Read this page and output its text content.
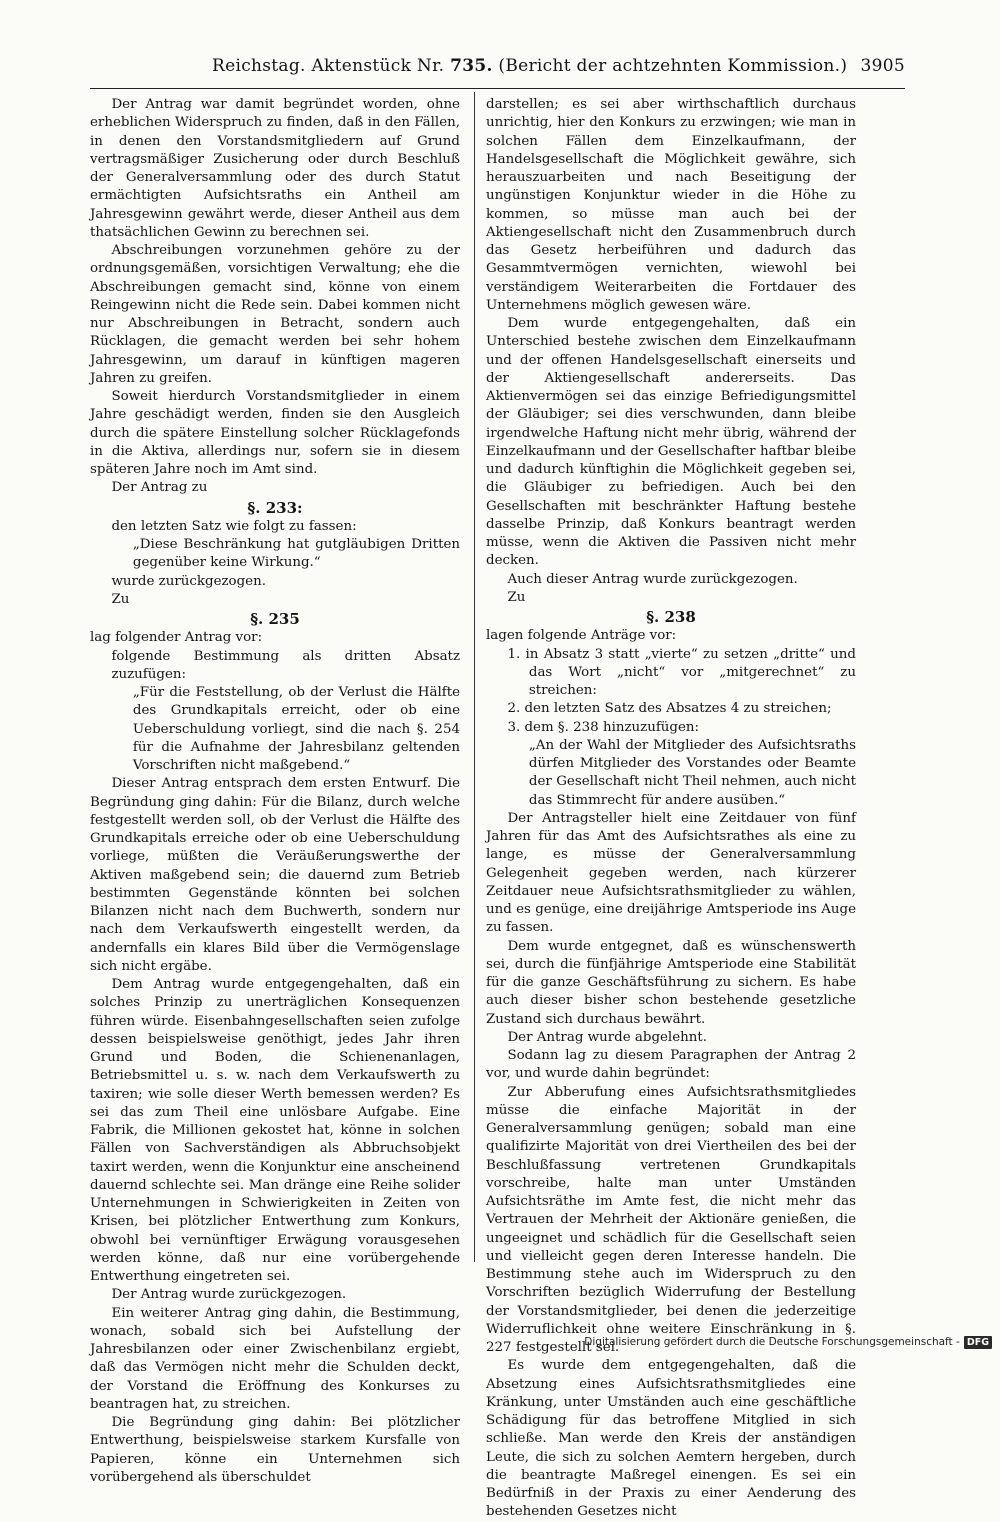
Reichstag. Aktenstück Nr. 735. (Bericht der achtzehnten Kommission.) 3905

Der Antrag war damit begründet worden, ohne erheblichen Widerspruch zu finden, daß in den Fällen, in denen den Vorstandsmitgliedern auf Grund vertragsmäßiger Zusicherung oder durch Beschluß der Generalversammlung oder des durch Statut ermächtigten Aufsichtsraths ein Antheil am Jahresgewinn gewährt werde, dieser Antheil aus dem thatsächlichen Gewinn zu berechnen sei.

Abschreibungen vorzunehmen gehöre zu der ordnungsgemäßen, vorsichtigen Verwaltung; ehe die Abschreibungen gemacht sind, könne von einem Reingewinn nicht die Rede sein. Dabei kommen nicht nur Abschreibungen in Betracht, sondern auch Rücklagen, die gemacht werden bei sehr hohem Jahresgewinn, um darauf in künftigen mageren Jahren zu greifen.

Soweit hierdurch Vorstandsmitglieder in einem Jahre geschädigt werden, finden sie den Ausgleich durch die spätere Einstellung solcher Rücklagefonds in die Aktiva, allerdings nur, sofern sie in diesem späteren Jahre noch im Amt sind.

Der Antrag zu

§. 233:

den letzten Satz wie folgt zu fassen:

„Diese Beschränkung hat gutgläubigen Dritten gegenüber keine Wirkung.“

wurde zurückgezogen.

Zu

§. 235

lag folgender Antrag vor:

folgende Bestimmung als dritten Absatz zuzufügen:

„Für die Feststellung, ob der Verlust die Hälfte des Grundkapitals erreicht, oder ob eine Ueberschuldung vorliegt, sind die nach §. 254 für die Aufnahme der Jahresbilanz geltenden Vorschriften nicht maßgebend.“

Dieser Antrag entsprach dem ersten Entwurf. Die Begründung ging dahin: Für die Bilanz, durch welche festgestellt werden soll, ob der Verlust die Hälfte des Grundkapitals erreiche oder ob eine Ueberschuldung vorliege, müßten die Veräußerungswerthe der Aktiven maßgebend sein; die dauernd zum Betrieb bestimmten Gegenstände könnten bei solchen Bilanzen nicht nach dem Buchwerth, sondern nur nach dem Verkaufswerth eingestellt werden, da andernfalls ein klares Bild über die Vermögenslage sich nicht ergäbe.

Dem Antrag wurde entgegengehalten, daß ein solches Prinzip zu unerträglichen Konsequenzen führen würde. Eisenbahngesellschaften seien zufolge dessen beispielsweise genöthigt, jedes Jahr ihren Grund und Boden, die Schienenanlagen, Betriebsmittel u. s. w. nach dem Verkaufswerth zu taxiren; wie solle dieser Werth bemessen werden? Es sei das zum Theil eine unlösbare Aufgabe. Eine Fabrik, die Millionen gekostet hat, könne in solchen Fällen von Sachverständigen als Abbruchsobjekt taxirt werden, wenn die Konjunktur eine anscheinend dauernd schlechte sei. Man dränge eine Reihe solider Unternehmungen in Schwierigkeiten in Zeiten von Krisen, bei plötzlicher Entwerthung zum Konkurs, obwohl bei vernünftiger Erwägung vorausgesehen werden könne, daß nur eine vorübergehende Entwerthung eingetreten sei.

Der Antrag wurde zurückgezogen.

Ein weiterer Antrag ging dahin, die Bestimmung, wonach, sobald sich bei Aufstellung der Jahresbilanzen oder einer Zwischenbilanz ergiebt, daß das Vermögen nicht mehr die Schulden deckt, der Vorstand die Eröffnung des Konkurses zu beantragen hat, zu streichen.

Die Begründung ging dahin: Bei plötzlicher Entwerthung, beispielsweise starkem Kursfalle von Papieren, könne ein Unternehmen sich vorübergehend als überschuldet

darstellen; es sei aber wirthschaftlich durchaus unrichtig, hier den Konkurs zu erzwingen; wie man in solchen Fällen dem Einzelkaufmann, der Handelsgesellschaft die Möglichkeit gewähre, sich herauszuarbeiten und nach Beseitigung der ungünstigen Konjunktur wieder in die Höhe zu kommen, so müsse man auch bei der Aktiengesellschaft nicht den Zusammenbruch durch das Gesetz herbeiführen und dadurch das Gesammtvermögen vernichten, wiewohl bei verständigem Weiterarbeiten die Fortdauer des Unternehmens möglich gewesen wäre.

Dem wurde entgegengehalten, daß ein Unterschied bestehe zwischen dem Einzelkaufmann und der offenen Handelsgesellschaft einerseits und der Aktiengesellschaft andererseits. Das Aktienvermögen sei das einzige Befriedigungsmittel der Gläubiger; sei dies verschwunden, dann bleibe irgendwelche Haftung nicht mehr übrig, während der Einzelkaufmann und der Gesellschafter haftbar bleibe und dadurch künftighin die Möglichkeit gegeben sei, die Gläubiger zu befriedigen. Auch bei den Gesellschaften mit beschränkter Haftung bestehe dasselbe Prinzip, daß Konkurs beantragt werden müsse, wenn die Aktiven die Passiven nicht mehr decken.

Auch dieser Antrag wurde zurückgezogen.

Zu

§. 238

lagen folgende Anträge vor:

1. in Absatz 3 statt „vierte“ zu setzen „dritte“ und das Wort „nicht“ vor „mitgerechnet“ zu streichen:

2. den letzten Satz des Absatzes 4 zu streichen;

3. dem §. 238 hinzuzufügen:

„An der Wahl der Mitglieder des Aufsichtsraths dürfen Mitglieder des Vorstandes oder Beamte der Gesellschaft nicht Theil nehmen, auch nicht das Stimmrecht für andere ausüben.“

Der Antragsteller hielt eine Zeitdauer von fünf Jahren für das Amt des Aufsichtsrathes als eine zu lange, es müsse der Generalversammlung Gelegenheit gegeben werden, nach kürzerer Zeitdauer neue Aufsichtsrathsmitglieder zu wählen, und es genüge, eine dreijährige Amtsperiode ins Auge zu fassen.

Dem wurde entgegnet, daß es wünschenswerth sei, durch die fünfjährige Amtsperiode eine Stabilität für die ganze Geschäftsführung zu sichern. Es habe auch dieser bisher schon bestehende gesetzliche Zustand sich durchaus bewährt.

Der Antrag wurde abgelehnt.

Sodann lag zu diesem Paragraphen der Antrag 2 vor, und wurde dahin begründet:

Zur Abberufung eines Aufsichtsrathsmitgliedes müsse die einfache Majorität in der Generalversammlung genügen; sobald man eine qualifizirte Majorität von drei Viertheilen des bei der Beschlußfassung vertretenen Grundkapitals vorschreibe, halte man unter Umständen Aufsichtsräthe im Amte fest, die nicht mehr das Vertrauen der Mehrheit der Aktionäre genießen, die ungeeignet und schädlich für die Gesellschaft seien und vielleicht gegen deren Interesse handeln. Die Bestimmung stehe auch im Widerspruch zu den Vorschriften bezüglich Widerrufung der Bestellung der Vorstandsmitglieder, bei denen die jederzeitige Widerruflichkeit ohne weitere Einschränkung in §. 227 festgestellt sei.

Es wurde dem entgegengehalten, daß die Absetzung eines Aufsichtsrathsmitgliedes eine Kränkung, unter Umständen auch eine geschäftliche Schädigung für das betroffene Mitglied in sich schließe. Man werde den Kreis der anständigen Leute, die sich zu solchen Aemtern hergeben, durch die beantragte Maßregel einengen. Es sei ein Bedürfniß in der Praxis zu einer Aenderung des bestehenden Gesetzes nicht

Digitalisierung gefördert durch die Deutsche Forschungsgemeinschaft - DFG
